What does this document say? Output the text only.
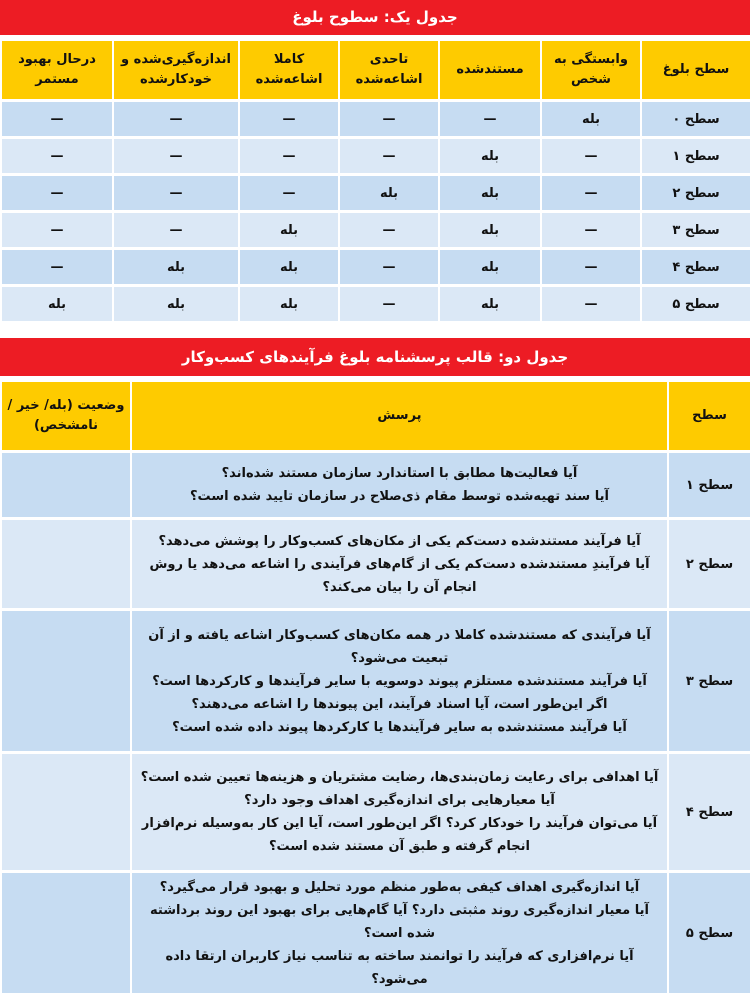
جدول یک: سطوح بلوغ
سطح بلوغ	وابستگی به شخص	مستندشده	تاحدی اشاعه‌شده	کاملا اشاعه‌شده	اندازه‌گیری‌شده و خودکارشده	درحال بهبود مستمر
سطح ۰	بله	—	—	—	—	—
سطح ۱	—	بله	—	—	—	—
سطح ۲	—	بله	بله	—	—	—
سطح ۳	—	بله	—	بله	—	—
سطح ۴	—	بله	—	بله	بله	—
سطح ۵	—	بله	—	بله	بله	بله
جدول دو: قالب پرسشنامه بلوغ فرآیندهای کسب‌وکار
سطح	پرسش	وضعیت (بله/ خیر / نامشخص)
سطح ۱	آیا فعالیت‌ها مطابق با استاندارد سازمان مستند شده‌اند؟
آیا سند تهیه‌شده توسط مقام ذی‌صلاح در سازمان تایید شده است؟	

سطح ۲	آیا فرآیند مستندشده دست‌کم یکی از مکان‌های کسب‌وکار را پوشش می‌دهد؟
آیا فرآیندِ مستندشده دست‌کم یکی از گام‌های فرآیندی را اشاعه می‌دهد یا روش انجام آن را بیان می‌کند؟	

سطح ۳	آیا فرآیندی که مستندشده کاملا در همه مکان‌های کسب‌وکار اشاعه یافته و از آن تبعیت می‌شود؟
آیا فرآیند مستندشده مستلزم پیوند دوسویه با سایر فرآیندها و کارکردها است؟ اگر این‌طور است، آیا اسناد فرآیند، این پیوندها را اشاعه می‌دهند؟
آیا فرآیند مستندشده به سایر فرآیندها یا کارکردها پیوند داده شده است؟	

سطح ۴	آیا اهدافی برای رعایت زمان‌بندی‌ها، رضایت مشتریان و هزینه‌ها تعیین شده است؟
آیا معیارهایی برای اندازه‌گیری اهداف وجود دارد؟
آیا می‌توان فرآیند را خودکار کرد؟ اگر این‌طور است، آیا این کار به‌وسیله نرم‌افزار انجام گرفته و طبق آن مستند شده است؟	

سطح ۵	آیا اندازه‌گیری اهداف کیفی به‌طور منظم مورد تحلیل و بهبود قرار می‌گیرد؟
آیا معیار اندازه‌گیری روند مثبتی دارد؟ آیا گام‌هایی برای بهبود این روند برداشته شده است؟
آیا نرم‌افزاری که فرآیند را توانمند ساخته به تناسب نیاز کاربران ارتقا داده می‌شود؟	
